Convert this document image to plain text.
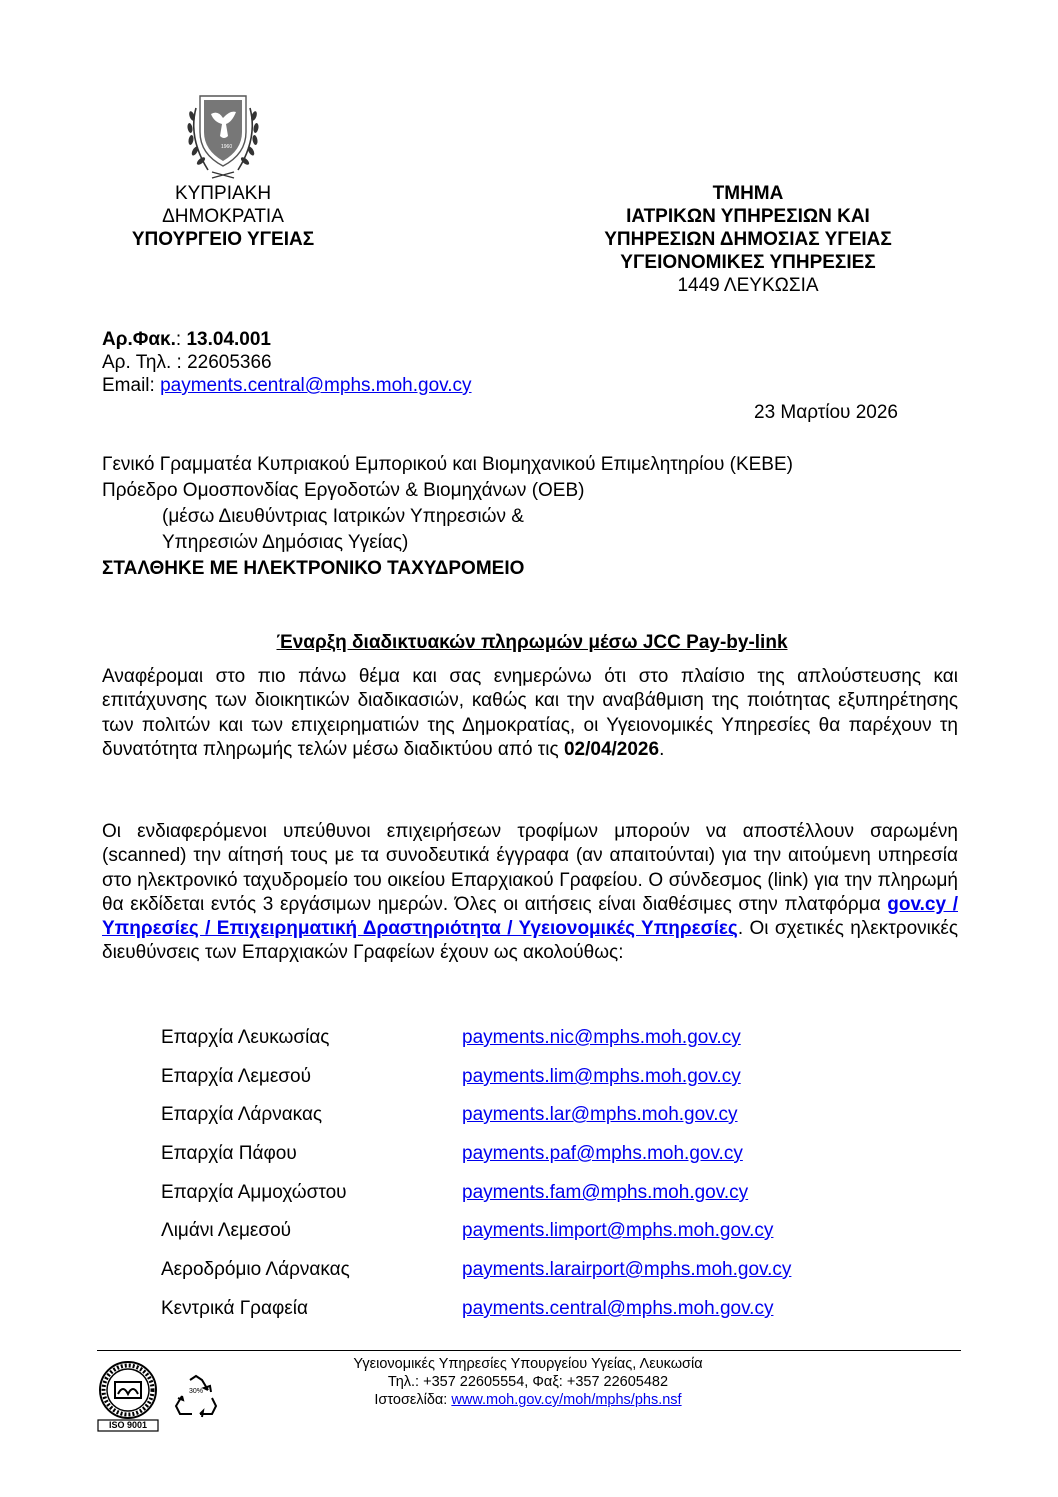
1960
ΚΥΠΡΙΑΚΗ
ΔΗΜΟΚΡΑΤΙΑ
ΥΠΟΥΡΓΕΙΟ ΥΓΕΙΑΣ
ΤΜΗΜΑ
ΙΑΤΡΙΚΩΝ ΥΠΗΡΕΣΙΩΝ ΚΑΙ
ΥΠΗΡΕΣΙΩΝ ΔΗΜΟΣΙΑΣ ΥΓΕΙΑΣ
ΥΓΕΙΟΝΟΜΙΚΕΣ ΥΠΗΡΕΣΙΕΣ
1449 ΛΕΥΚΩΣΙΑ
Αρ.Φακ.: 13.04.001
Αρ. Τηλ. : 22605366
Email: payments.central@mphs.moh.gov.cy
23 Μαρτίου 2026
Γενικό Γραμματέα Κυπριακού Εμπορικού και Βιομηχανικού Επιμελητηρίου (ΚΕΒΕ)
Πρόεδρο Ομοσπονδίας Εργοδοτών & Βιομηχάνων (ΟΕΒ)
(μέσω Διευθύντριας Ιατρικών Υπηρεσιών &
Υπηρεσιών Δημόσιας Υγείας)
ΣΤΑΛΘΗΚΕ ΜΕ ΗΛΕΚΤΡΟΝΙΚΟ ΤΑΧΥΔΡΟΜΕΙΟ
Έναρξη διαδικτυακών πληρωμών μέσω JCC Pay-by-link

Αναφέρομαι στο πιο πάνω θέμα και σας ενημερώνω ότι στο πλαίσιο της απλούστευσης και επιτάχυνσης των διοικητικών διαδικασιών, καθώς και την αναβάθμιση της ποιότητας εξυπηρέτησης των πολιτών και των επιχειρηματιών της Δημοκρατίας, οι Υγειονομικές Υπηρεσίες θα παρέχουν τη δυνατότητα πληρωμής τελών μέσω διαδικτύου από τις 02/04/2026.

Οι ενδιαφερόμενοι υπεύθυνοι επιχειρήσεων τροφίμων μπορούν να αποστέλλουν σαρωμένη (scanned) την αίτησή τους με τα συνοδευτικά έγγραφα (αν απαιτούνται) για την αιτούμενη υπηρεσία στο ηλεκτρονικό ταχυδρομείο του οικείου Επαρχιακού Γραφείου. Ο σύνδεσμος (link) για την πληρωμή θα εκδίδεται εντός 3 εργάσιμων ημερών. Όλες οι αιτήσεις είναι διαθέσιμες στην πλατφόρμα gov.cy / Υπηρεσίες / Επιχειρηματική Δραστηριότητα / Υγειονομικές Υπηρεσίες. Οι σχετικές ηλεκτρονικές διευθύνσεις των Επαρχιακών Γραφείων έχουν ως ακολούθως:

Επαρχία Λευκωσίας	payments.nic@mphs.moh.gov.cy
Επαρχία Λεμεσού	payments.lim@mphs.moh.gov.cy
Επαρχία Λάρνακας	payments.lar@mphs.moh.gov.cy
Επαρχία Πάφου	payments.paf@mphs.moh.gov.cy
Επαρχία Αμμοχώστου	payments.fam@mphs.moh.gov.cy
Λιμάνι Λεμεσού	payments.limport@mphs.moh.gov.cy
Αεροδρόμιο Λάρνακας	payments.larairport@mphs.moh.gov.cy
Κεντρικά Γραφεία	payments.central@mphs.moh.gov.cy
ISO 9001
30%
Υγειονομικές Υπηρεσίες Υπουργείου Υγείας, Λευκωσία
Τηλ.: +357 22605554, Φαξ: +357 22605482
Ιστοσελίδα: www.moh.gov.cy/moh/mphs/phs.nsf
